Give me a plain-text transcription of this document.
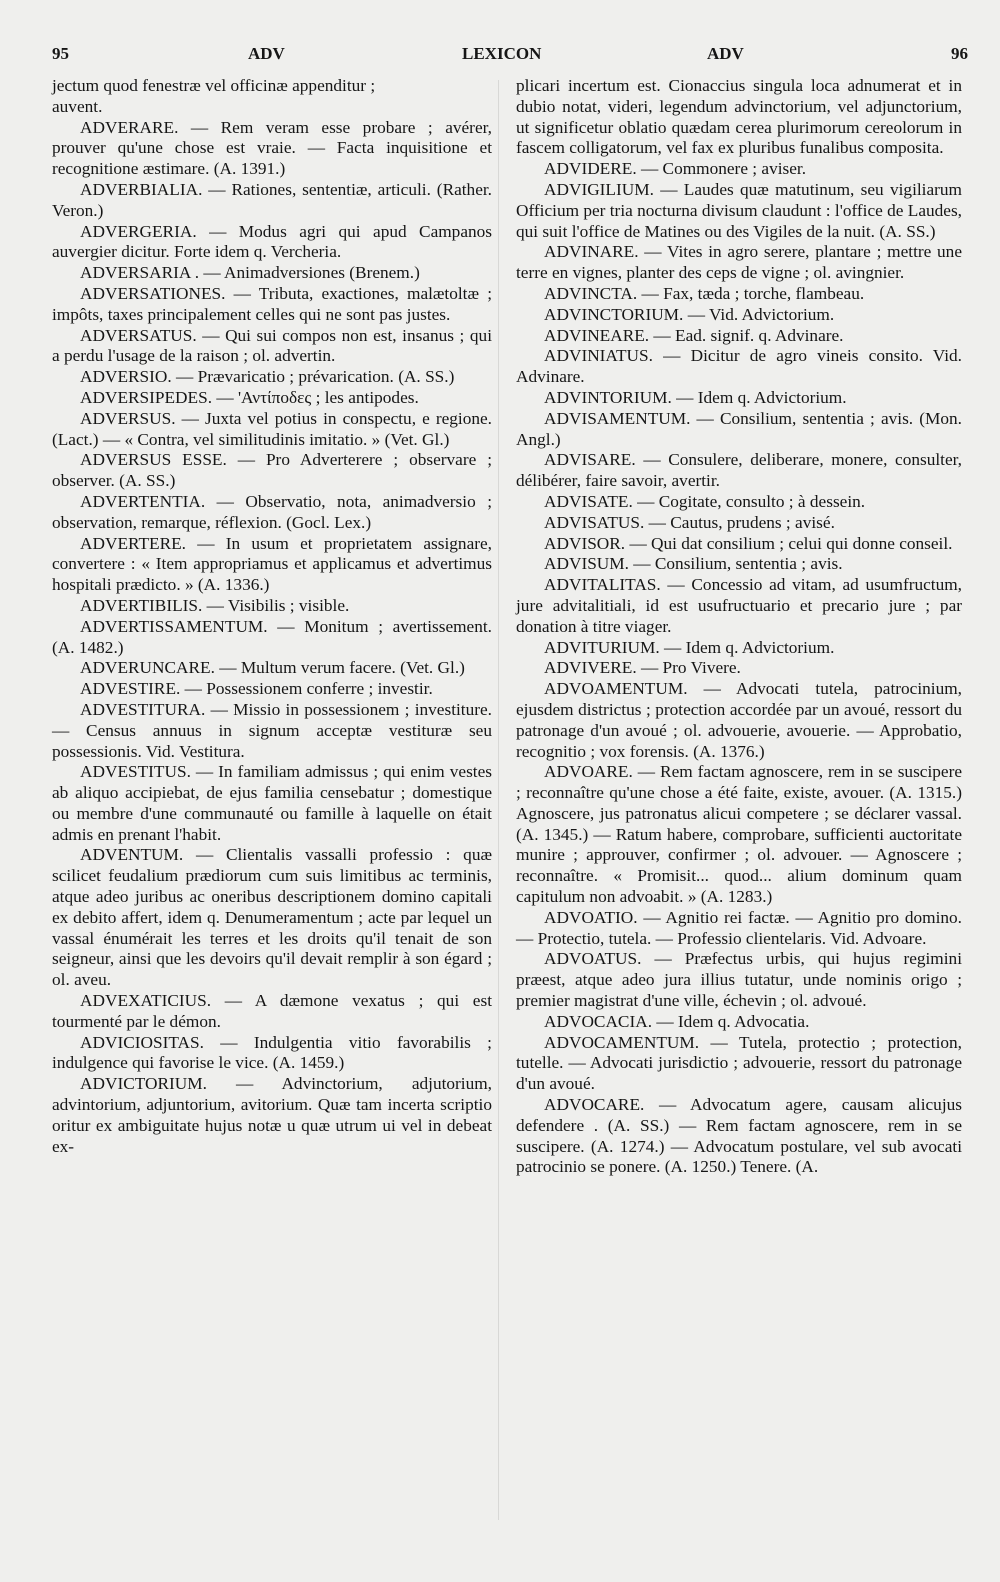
95	ADV	LEXICON	ADV	96

jectum quod fenestræ vel officinæ appenditur ;

auvent.

ADVERARE. — Rem veram esse probare ; avérer, prouver qu'une chose est vraie. — Facta inquisitione et recognitione æstimare. (A. 1391.)

ADVERBIALIA. — Rationes, sententiæ, articuli. (Rather. Veron.)

ADVERGERIA. — Modus agri qui apud Campanos auvergier dicitur. Forte idem q. Vercheria.

ADVERSARIA . — Animadversiones (Brenem.)

ADVERSATIONES. — Tributa, exactiones, malætoltæ ; impôts, taxes principalement celles qui ne sont pas justes.

ADVERSATUS. — Qui sui compos non est, insanus ; qui a perdu l'usage de la raison ; ol. advertin.

ADVERSIO. — Prævaricatio ; prévarication. (A. SS.)

ADVERSIPEDES. — 'Αντίποδες ; les antipodes.

ADVERSUS. — Juxta vel potius in conspectu, e regione. (Lact.) — « Contra, vel similitudinis imitatio. » (Vet. Gl.)

ADVERSUS ESSE. — Pro Adverterere ; observare ; observer. (A. SS.)

ADVERTENTIA. — Observatio, nota, animadversio ; observation, remarque, réflexion. (Gocl. Lex.)

ADVERTERE. — In usum et proprietatem assignare, convertere : « Item appropriamus et applicamus et advertimus hospitali prædicto. » (A. 1336.)

ADVERTIBILIS. — Visibilis ; visible.

ADVERTISSAMENTUM. — Monitum ; avertissement. (A. 1482.)

ADVERUNCARE. — Multum verum facere. (Vet. Gl.)

ADVESTIRE. — Possessionem conferre ; investir.

ADVESTITURA. — Missio in possessionem ; investiture. — Census annuus in signum acceptæ vestituræ seu possessionis. Vid. Vestitura.

ADVESTITUS. — In familiam admissus ; qui enim vestes ab aliquo accipiebat, de ejus familia censebatur ; domestique ou membre d'une communauté ou famille à laquelle on était admis en prenant l'habit.

ADVENTUM. — Clientalis vassalli professio : quæ scilicet feudalium prædiorum cum suis limitibus ac terminis, atque adeo juribus ac oneribus descriptionem domino capitali ex debito affert, idem q. Denumeramentum ; acte par lequel un vassal énumérait les terres et les droits qu'il tenait de son seigneur, ainsi que les devoirs qu'il devait remplir à son égard ; ol. aveu.

ADVEXATICIUS. — A dæmone vexatus ; qui est tourmenté par le démon.

ADVICIOSITAS. — Indulgentia vitio favorabilis ; indulgence qui favorise le vice. (A. 1459.)

ADVICTORIUM. — Advinctorium, adjutorium, advintorium, adjuntorium, avitorium. Quæ tam incerta scriptio oritur ex ambiguitate hujus notæ u quæ utrum ui vel in debeat ex-

plicari incertum est. Cionaccius singula loca adnumerat et in dubio notat, videri, legendum advinctorium, vel adjunctorium, ut significetur oblatio quædam cerea plurimorum cereolorum in fascem colligatorum, vel fax ex pluribus funalibus composita.

ADVIDERE. — Commonere ; aviser.

ADVIGILIUM. — Laudes quæ matutinum, seu vigiliarum Officium per tria nocturna divisum claudunt : l'office de Laudes, qui suit l'office de Matines ou des Vigiles de la nuit. (A. SS.)

ADVINARE. — Vites in agro serere, plantare ; mettre une terre en vignes, planter des ceps de vigne ; ol. avingnier.

ADVINCTA. — Fax, tæda ; torche, flambeau.

ADVINCTORIUM. — Vid. Advictorium.

ADVINEARE. — Ead. signif. q. Advinare.

ADVINIATUS. — Dicitur de agro vineis consito. Vid. Advinare.

ADVINTORIUM. — Idem q. Advictorium.

ADVISAMENTUM. — Consilium, sententia ; avis. (Mon. Angl.)

ADVISARE. — Consulere, deliberare, monere, consulter, délibérer, faire savoir, avertir.

ADVISATE. — Cogitate, consulto ; à dessein.

ADVISATUS. — Cautus, prudens ; avisé.

ADVISOR. — Qui dat consilium ; celui qui donne conseil.

ADVISUM. — Consilium, sententia ; avis.

ADVITALITAS. — Concessio ad vitam, ad usumfructum, jure advitalitiali, id est usufructuario et precario jure ; par donation à titre viager.

ADVITURIUM. — Idem q. Advictorium.

ADVIVERE. — Pro Vivere.

ADVOAMENTUM. — Advocati tutela, patrocinium, ejusdem districtus ; protection accordée par un avoué, ressort du patronage d'un avoué ; ol. advouerie, avouerie. — Approbatio, recognitio ; vox forensis. (A. 1376.)

ADVOARE. — Rem factam agnoscere, rem in se suscipere ; reconnaître qu'une chose a été faite, existe, avouer. (A. 1315.) Agnoscere, jus patronatus alicui competere ; se déclarer vassal. (A. 1345.) — Ratum habere, comprobare, sufficienti auctoritate munire ; approuver, confirmer ; ol. advouer. — Agnoscere ; reconnaître. « Promisit... quod... alium dominum quam capitulum non advoabit. » (A. 1283.)

ADVOATIO. — Agnitio rei factæ. — Agnitio pro domino. — Protectio, tutela. — Professio clientelaris. Vid. Advoare.

ADVOATUS. — Præfectus urbis, qui hujus regimini præest, atque adeo jura illius tutatur, unde nominis origo ; premier magistrat d'une ville, échevin ; ol. advoué.

ADVOCACIA. — Idem q. Advocatia.

ADVOCAMENTUM. — Tutela, protectio ; protection, tutelle. — Advocati jurisdictio ; advouerie, ressort du patronage d'un avoué.

ADVOCARE. — Advocatum agere, causam alicujus defendere . (A. SS.) — Rem factam agnoscere, rem in se suscipere. (A. 1274.) — Advocatum postulare, vel sub avocati patrocinio se ponere. (A. 1250.) Tenere. (A.
